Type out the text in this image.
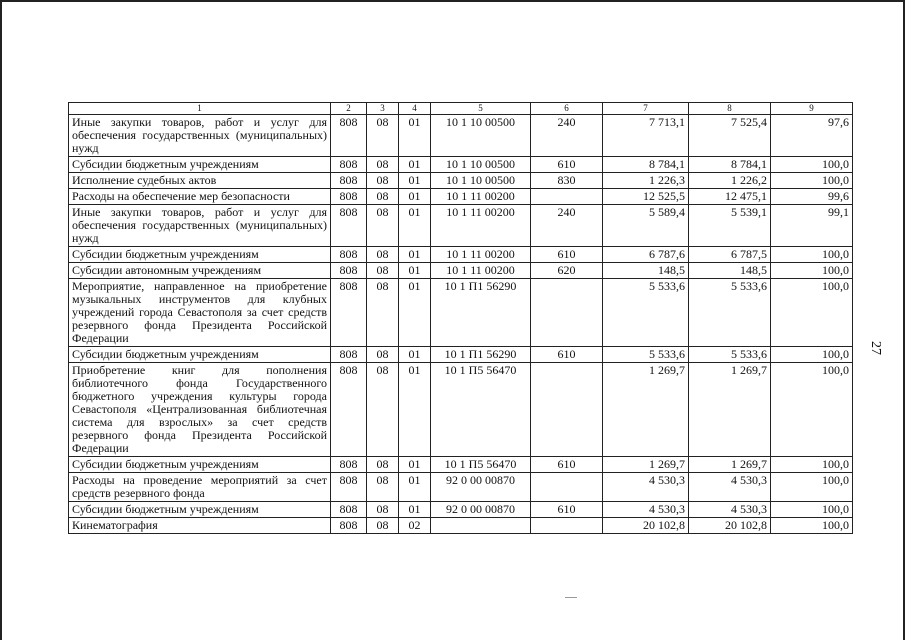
1	2	3	4	5	6	7	8	9
Иные закупки товаров, работ и услуг для обеспечения государственных (муниципальных) нужд	808	08	01	10 1 10 00500	240	7 713,1	7 525,4	97,6
Субсидии бюджетным учреждениям	808	08	01	10 1 10 00500	610	8 784,1	8 784,1	100,0
Исполнение судебных актов	808	08	01	10 1 10 00500	830	1 226,3	1 226,2	100,0
Расходы на обеспечение мер безопасности	808	08	01	10 1 11 00200		12 525,5	12 475,1	99,6
Иные закупки товаров, работ и услуг для обеспечения государственных (муниципальных) нужд	808	08	01	10 1 11 00200	240	5 589,4	5 539,1	99,1
Субсидии бюджетным учреждениям	808	08	01	10 1 11 00200	610	6 787,6	6 787,5	100,0
Субсидии автономным учреждениям	808	08	01	10 1 11 00200	620	148,5	148,5	100,0
Мероприятие, направленное на приобретение музыкальных инструментов для клубных учреждений города Севастополя за счет средств резервного фонда Президента Российской Федерации	808	08	01	10 1 П1 56290		5 533,6	5 533,6	100,0
Субсидии бюджетным учреждениям	808	08	01	10 1 П1 56290	610	5 533,6	5 533,6	100,0
Приобретение книг для пополнения библиотечного фонда Государственного бюджетного учреждения культуры города Севастополя «Централизованная библиотечная система для взрослых» за счет средств резервного фонда Президента Российской Федерации	808	08	01	10 1 П5 56470		1 269,7	1 269,7	100,0
Субсидии бюджетным учреждениям	808	08	01	10 1 П5 56470	610	1 269,7	1 269,7	100,0
Расходы на проведение мероприятий за счет средств резервного фонда	808	08	01	92 0 00 00870		4 530,3	4 530,3	100,0
Субсидии бюджетным учреждениям	808	08	01	92 0 00 00870	610	4 530,3	4 530,3	100,0
Кинематография	808	08	02			20 102,8	20 102,8	100,0
27
